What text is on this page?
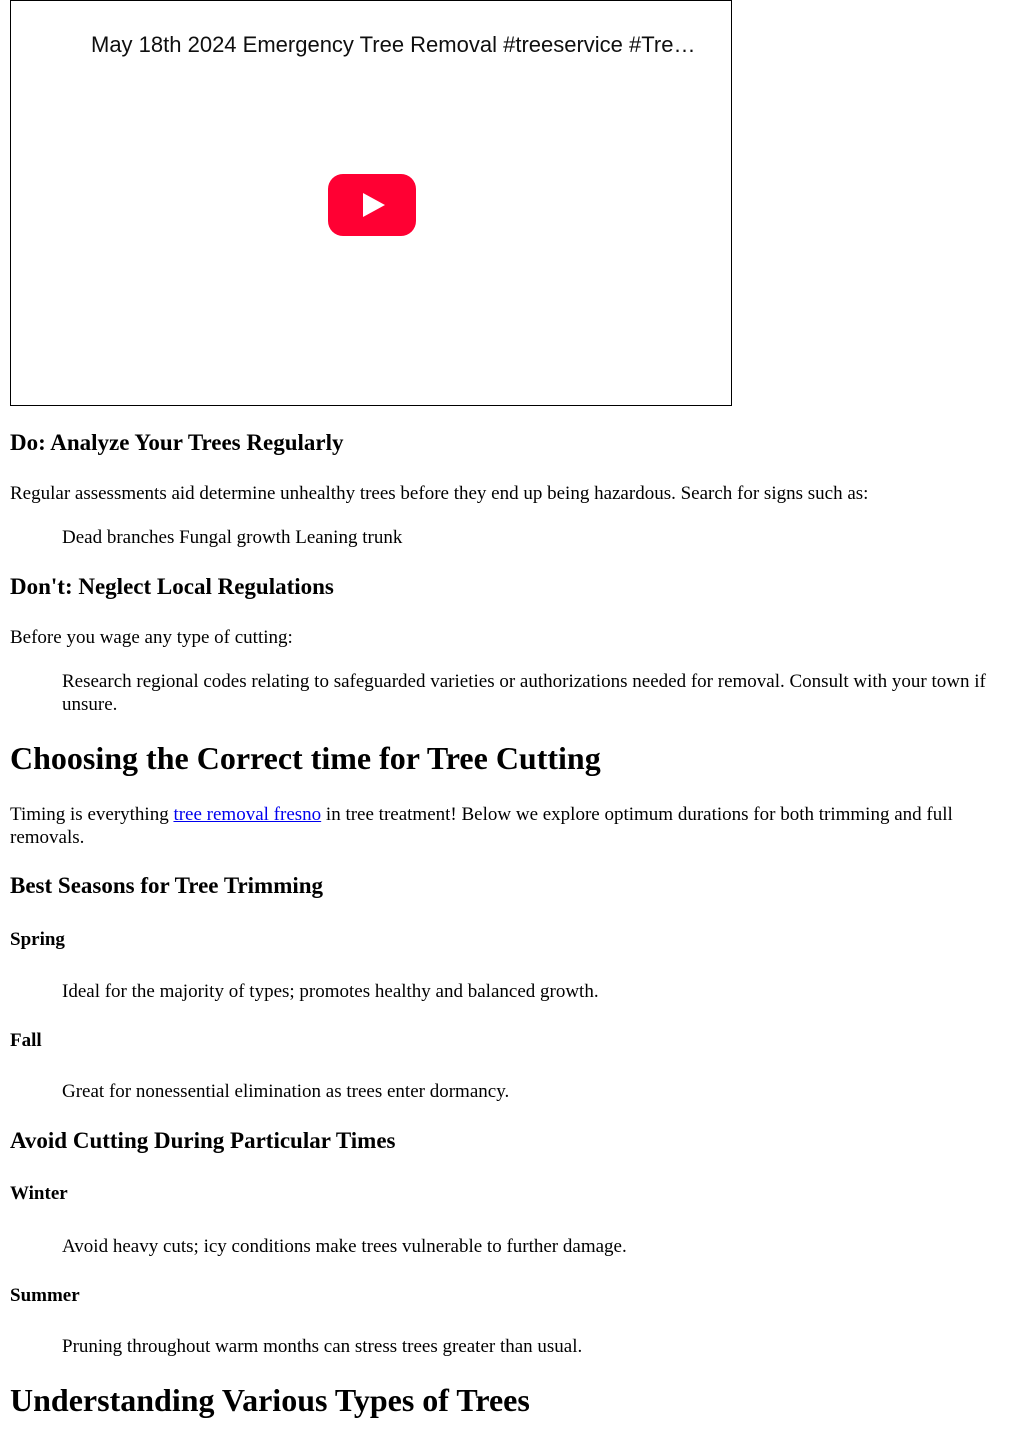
May 18th 2024 Emergency Tree Removal #treeservice #Tre…
Do: Analyze Your Trees Regularly

Regular assessments aid determine unhealthy trees before they end up being hazardous. Search for signs such as:

Dead branches Fungal growth Leaning trunk

Don't: Neglect Local Regulations

Before you wage any type of cutting:

Research regional codes relating to safeguarded varieties or authorizations needed for removal. Consult with your town if unsure.

Choosing the Correct time for Tree Cutting

Timing is everything tree removal fresno in tree treatment! Below we explore optimum durations for both trimming and full removals.

Best Seasons for Tree Trimming
Spring

Ideal for the majority of types; promotes healthy and balanced growth.

Fall

Great for nonessential elimination as trees enter dormancy.

Avoid Cutting During Particular Times
Winter

Avoid heavy cuts; icy conditions make trees vulnerable to further damage.

Summer

Pruning throughout warm months can stress trees greater than usual.

Understanding Various Types of Trees
